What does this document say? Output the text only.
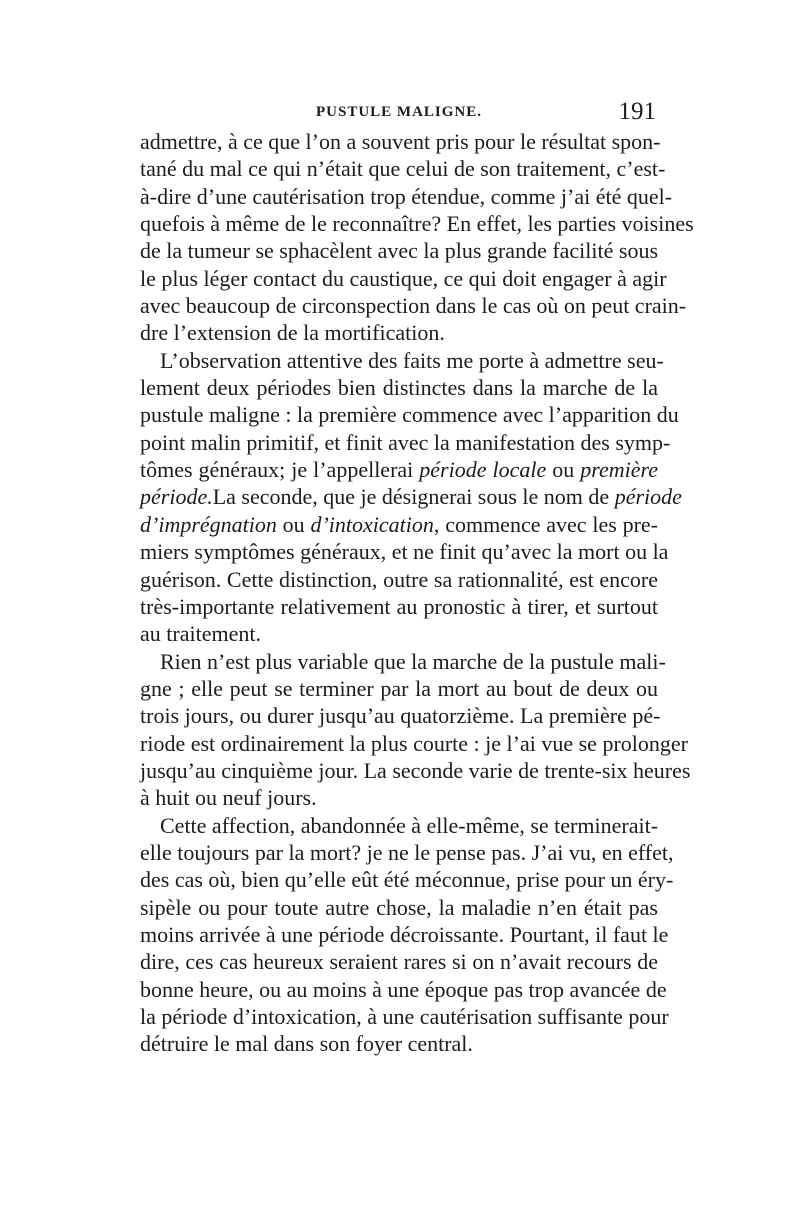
PUSTULE MALIGNE.	191
admettre, à ce que l’on a souvent pris pour le résultat spon-
tané du mal ce qui n’était que celui de son traitement, c’est-
à-dire d’une cautérisation trop étendue, comme j’ai été quel-
quefois à même de le reconnaître? En effet, les parties voisines
de la tumeur se sphacèlent avec la plus grande facilité sous
le plus léger contact du caustique, ce qui doit engager à agir
avec beaucoup de circonspection dans le cas où on peut crain-
dre l’extension de la mortification.
L’observation attentive des faits me porte à admettre seu-
lement deux périodes bien distinctes dans la marche de la
pustule maligne : la première commence avec l’apparition du
point malin primitif, et finit avec la manifestation des symp-
tômes généraux; je l’appellerai période locale ou première
période.La seconde, que je désignerai sous le nom de période
d’imprégnation ou d’intoxication, commence avec les pre-
miers symptômes généraux, et ne finit qu’avec la mort ou la
guérison. Cette distinction, outre sa rationnalité, est encore
très-importante relativement au pronostic à tirer, et surtout
au traitement.
Rien n’est plus variable que la marche de la pustule mali-
gne ; elle peut se terminer par la mort au bout de deux ou
trois jours, ou durer jusqu’au quatorzième. La première pé-
riode est ordinairement la plus courte : je l’ai vue se prolonger
jusqu’au cinquième jour. La seconde varie de trente-six heures
à huit ou neuf jours.
Cette affection, abandonnée à elle-même, se terminerait-
elle toujours par la mort? je ne le pense pas. J’ai vu, en effet,
des cas où, bien qu’elle eût été méconnue, prise pour un éry-
sipèle ou pour toute autre chose, la maladie n’en était pas
moins arrivée à une période décroissante. Pourtant, il faut le
dire, ces cas heureux seraient rares si on n’avait recours de
bonne heure, ou au moins à une époque pas trop avancée de
la période d’intoxication, à une cautérisation suffisante pour
détruire le mal dans son foyer central.
